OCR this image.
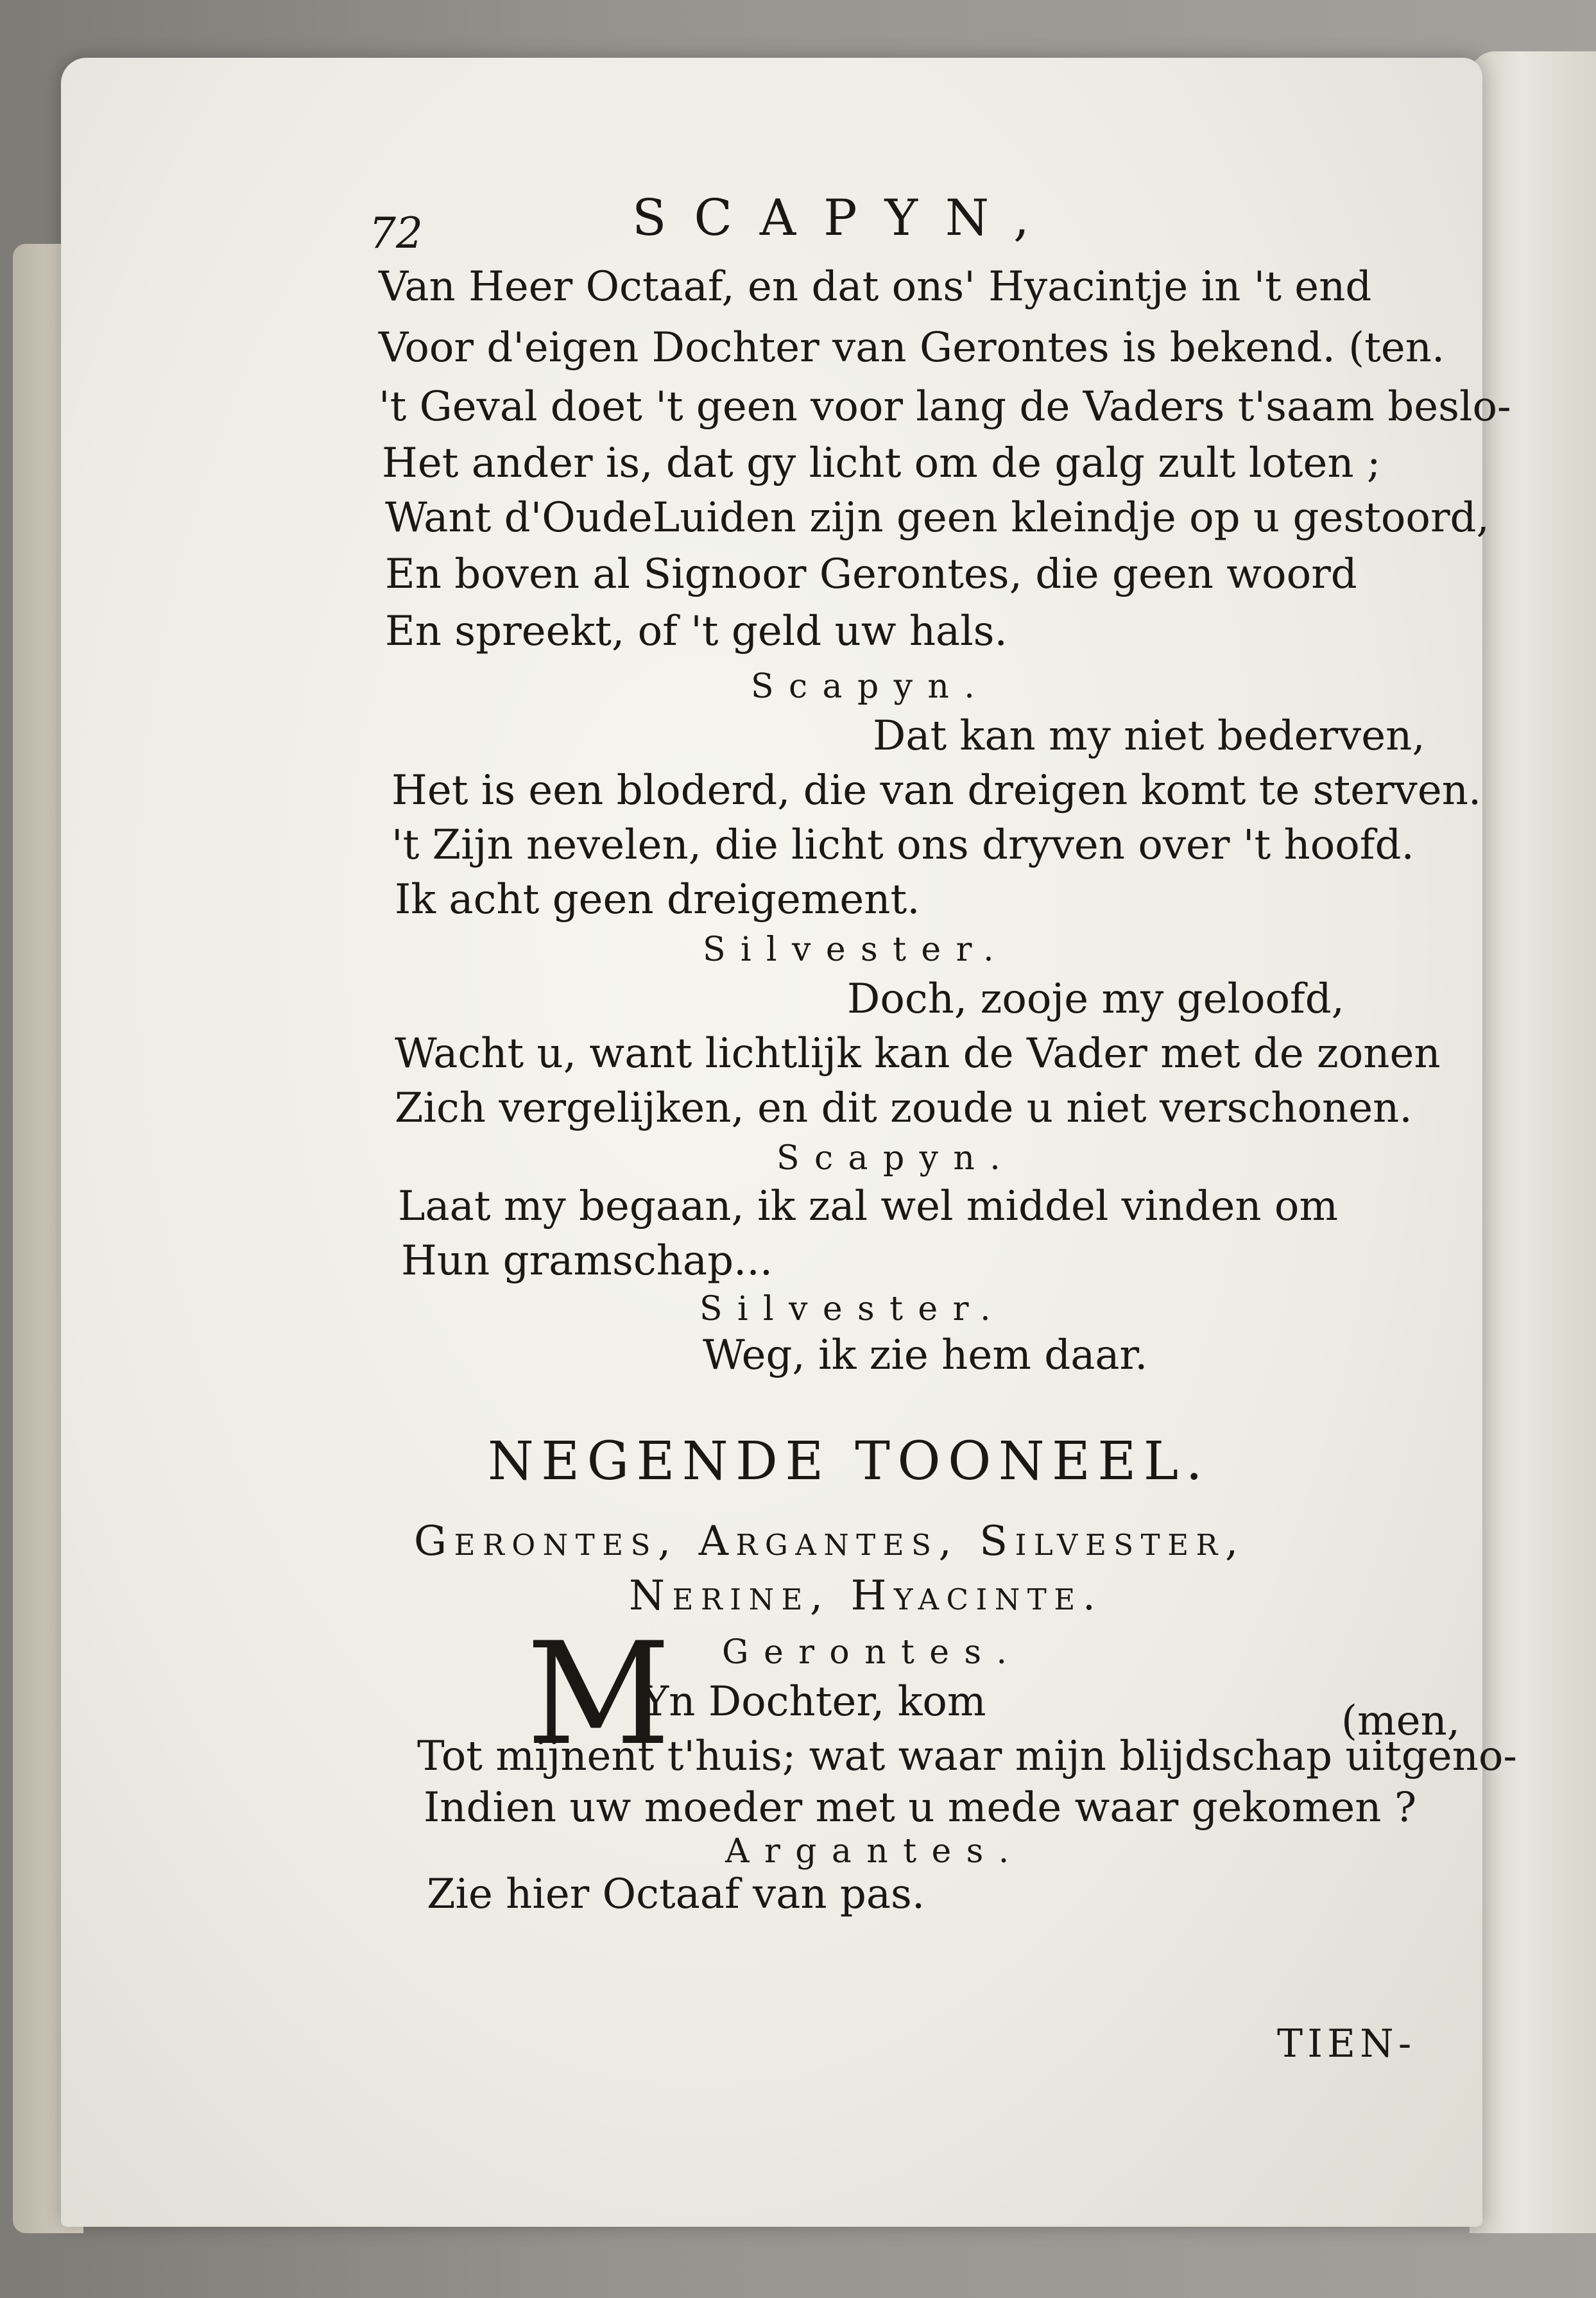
72	SCAPYN,
Van Heer Octaaf, en dat ons' Hyacintje in 't end
Voor d'eigen Dochter van Gerontes is bekend. (ten.
't Geval doet 't geen voor lang de Vaders t'saam beslo-
Het ander is, dat gy licht om de galg zult loten ;
Want d'OudeLuiden zijn geen kleindje op u gestoord,
En boven al Signoor Gerontes, die geen woord
En spreekt, of 't geld uw hals.
Scapyn.
Dat kan my niet bederven,
Het is een bloderd, die van dreigen komt te sterven.
't Zijn nevelen, die licht ons dryven over 't hoofd.
Ik acht geen dreigement.
Silvester.
Doch, zooje my geloofd,
Wacht u, want lichtlijk kan de Vader met de zonen
Zich vergelijken, en dit zoude u niet verschonen.
Scapyn.
Laat my begaan, ik zal wel middel vinden om
Hun gramschap...
Silvester.
Weg, ik zie hem daar.
NEGENDE TOONEEL.
Gerontes, Argantes, Silvester,
Nerine, Hyacinte.
Gerontes.
M
Yn Dochter, kom	(men,
Tot mijnent t'huis; wat waar mijn blijdschap uitgeno-
Indien uw moeder met u mede waar gekomen ?
Argantes.
Zie hier Octaaf van pas.
TIEN-
